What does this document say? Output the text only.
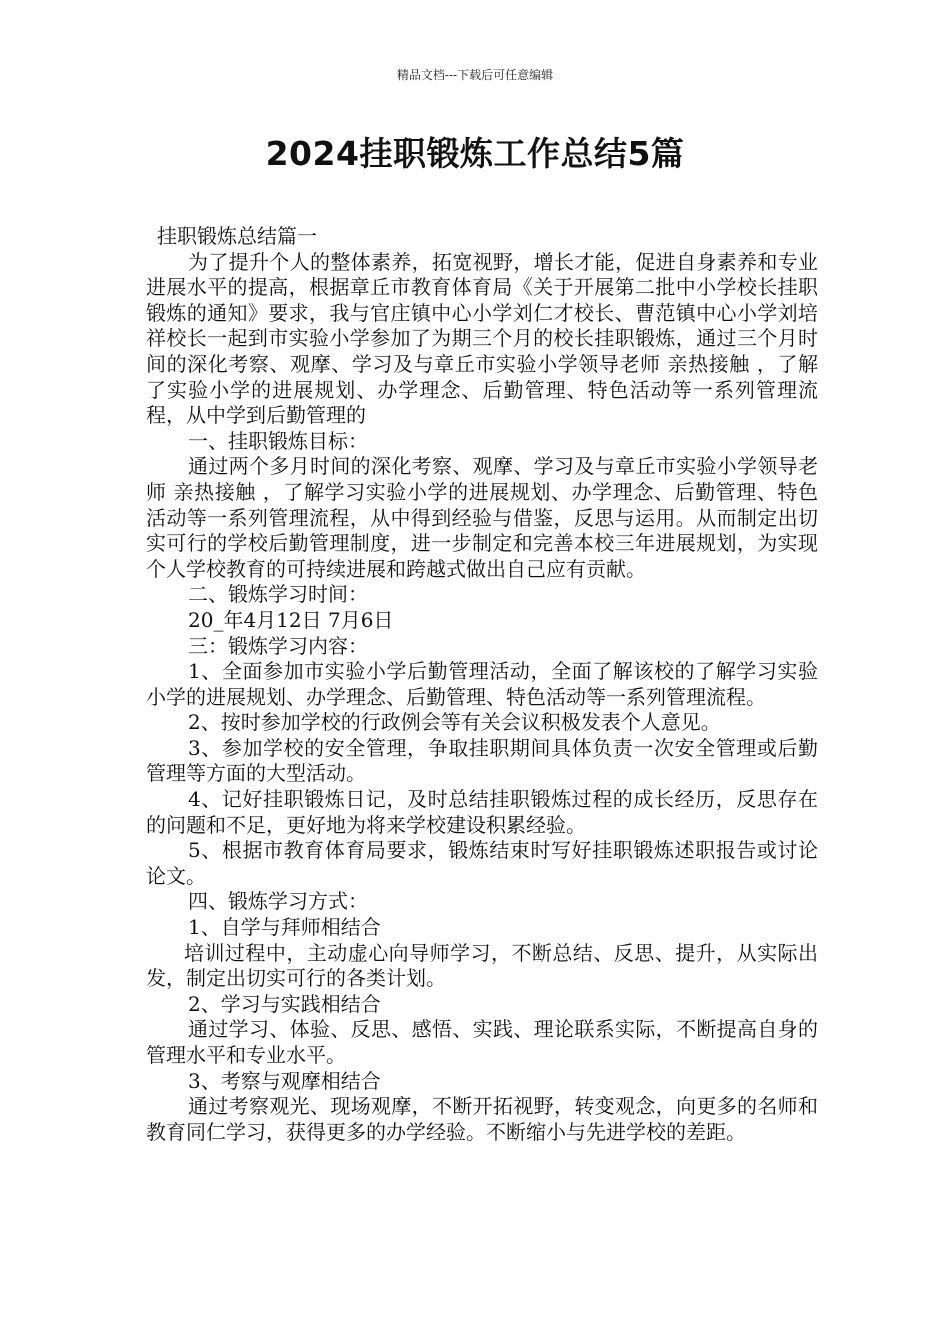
精品文档---下载后可任意编辑
2024挂职锻炼工作总结5篇

挂职锻炼总结篇一

为了提升个人的整体素养，拓宽视野，增长才能，促进自身素养和专业进展水平的提高，根据章丘市教育体育局《关于开展第二批中小学校长挂职锻炼的通知》要求，我与官庄镇中心小学刘仁才校长、曹范镇中心小学刘培祥校长一起到市实验小学参加了为期三个月的校长挂职锻炼，通过三个月时间的深化考察、观摩、学习及与章丘市实验小学领导老师 亲热接触 ，了解了实验小学的进展规划、办学理念、后勤管理、特色活动等一系列管理流程，从中学到后勤管理的

一、挂职锻炼目标：

通过两个多月时间的深化考察、观摩、学习及与章丘市实验小学领导老师 亲热接触 ，了解学习实验小学的进展规划、办学理念、后勤管理、特色活动等一系列管理流程，从中得到经验与借鉴，反思与运用。从而制定出切实可行的学校后勤管理制度，进一步制定和完善本校三年进展规划，为实现个人学校教育的可持续进展和跨越式做出自己应有贡献。

二、锻炼学习时间：

20_年4月12日 7月6日

三：锻炼学习内容：

1、全面参加市实验小学后勤管理活动，全面了解该校的了解学习实验小学的进展规划、办学理念、后勤管理、特色活动等一系列管理流程。

2、按时参加学校的行政例会等有关会议积极发表个人意见。

3、参加学校的安全管理，争取挂职期间具体负责一次安全管理或后勤管理等方面的大型活动。

4、记好挂职锻炼日记，及时总结挂职锻炼过程的成长经历，反思存在的问题和不足，更好地为将来学校建设积累经验。

5、根据市教育体育局要求，锻炼结束时写好挂职锻炼述职报告或讨论论文。

四、锻炼学习方式：

1、自学与拜师相结合

培训过程中，主动虚心向导师学习，不断总结、反思、提升，从实际出发，制定出切实可行的各类计划。

2、学习与实践相结合

通过学习、体验、反思、感悟、实践、理论联系实际，不断提高自身的管理水平和专业水平。

3、考察与观摩相结合

通过考察观光、现场观摩，不断开拓视野，转变观念，向更多的名师和教育同仁学习，获得更多的办学经验。不断缩小与先进学校的差距。
